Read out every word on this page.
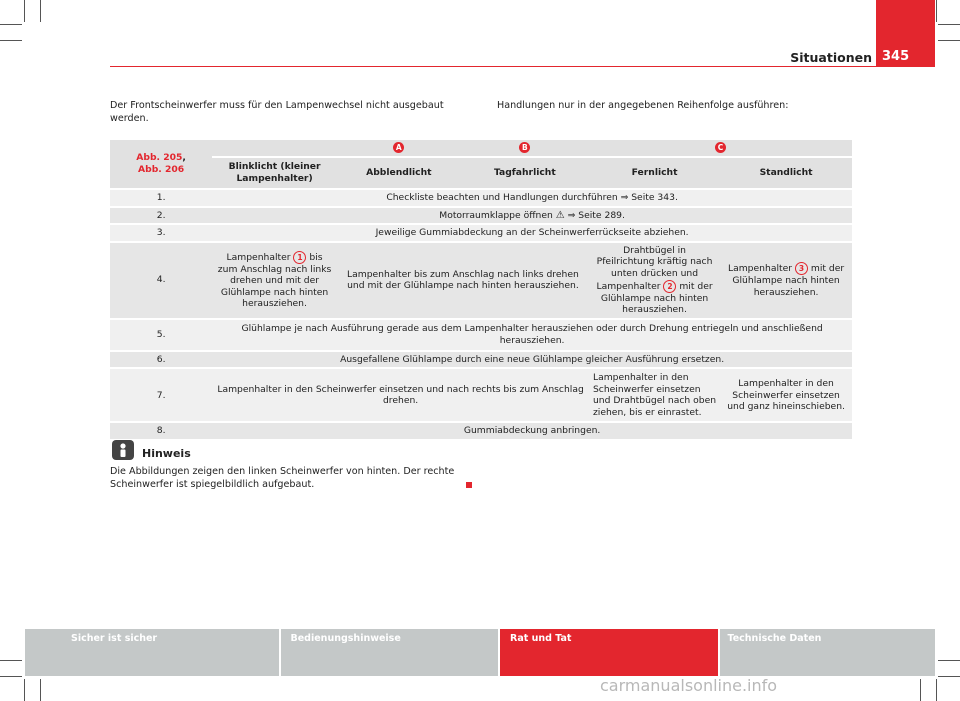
Situationen 345
Der Frontscheinwerfer muss für den Lampenwechsel nicht ausgebaut werden.
Handlungen nur in der angegebenen Reihenfolge ausführen:
Abb. 205,
Abb. 206		A	B	C	
	Blinklicht (kleiner Lampenhalter)	Abblendlicht	Tagfahrlicht	Fernlicht	Standlicht
1.	Checkliste beachten und Handlungen durchführen ⇒ Seite 343.				
2.	Motorraumklappe öffnen ⚠ ⇒ Seite 289.				
3.	Jeweilige Gummiabdeckung an der Scheinwerferrückseite abziehen.				
4.	Lampenhalter 1 bis zum Anschlag nach links drehen und mit der Glühlampe nach hinten herausziehen.	Lampenhalter bis zum Anschlag nach links drehen und mit der Glühlampe nach hinten herausziehen.		Drahtbügel in Pfeilrichtung kräftig nach unten drücken und Lampenhalter 2 mit der Glühlampe nach hinten herausziehen.	Lampenhalter 3 mit der Glühlampe nach hinten herausziehen.
5.	Glühlampe je nach Ausführung gerade aus dem Lampenhalter herausziehen oder durch Drehung entriegeln und anschließend herausziehen.				
6.	Ausgefallene Glühlampe durch eine neue Glühlampe gleicher Ausführung ersetzen.				
7.	Lampenhalter in den Scheinwerfer einsetzen und nach rechts bis zum Anschlag drehen.			Lampenhalter in den Scheinwerfer einsetzen und Drahtbügel nach oben ziehen, bis er einrastet.	Lampenhalter in den Scheinwerfer einsetzen und ganz hineinschieben.
8.	Gummiabdeckung anbringen.				
Hinweis
Die Abbildungen zeigen den linken Scheinwerfer von hinten. Der rechte Scheinwerfer ist spiegelbildlich aufgebaut.
Sicher ist sicher	Bedienungshinweise	Rat und Tat	Technische Daten
carmanualsonline.info
